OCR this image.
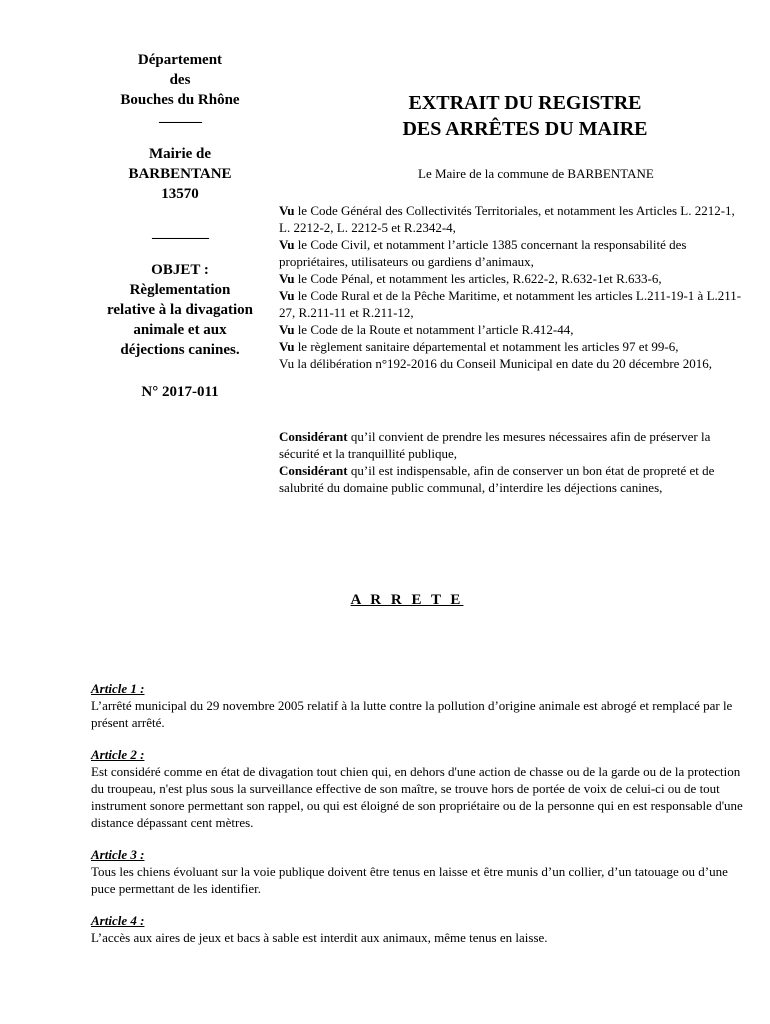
Département
des
Bouches du Rhône
———
Mairie de
BARBENTANE
13570
————
OBJET :
Règlementation
relative à la divagation
animale et aux
déjections canines.
N° 2017-011
EXTRAIT DU REGISTRE
DES ARRÊTES DU MAIRE
Le Maire de la commune de BARBENTANE

Vu le Code Général des Collectivités Territoriales, et notamment les Articles L. 2212-1, L. 2212-2, L. 2212-5 et R.2342-4,

Vu le Code Civil, et notamment l’article 1385 concernant la responsabilité des propriétaires, utilisateurs ou gardiens d’animaux,

Vu le Code Pénal, et notamment les articles, R.622-2, R.632-1et R.633-6,

Vu le Code Rural et de la Pêche Maritime, et notamment les articles L.211-19-1 à L.211-27, R.211-11 et R.211-12,

Vu le Code de la Route et notamment l’article R.412-44,

Vu le règlement sanitaire départemental et notamment les articles 97 et 99-6,

Vu la délibération n°192-2016 du Conseil Municipal en date du 20 décembre 2016,

Considérant qu’il convient de prendre les mesures nécessaires afin de préserver la sécurité et la tranquillité publique,

Considérant qu’il est indispensable, afin de conserver un bon état de propreté et de salubrité du domaine public communal, d’interdire les déjections canines,

A R R E T E

Article 1 :

L’arrêté municipal du 29 novembre 2005 relatif à la lutte contre la pollution d’origine animale est abrogé et remplacé par le présent arrêté.

Article 2 :

Est considéré comme en état de divagation tout chien qui, en dehors d'une action de chasse ou de la garde ou de la protection du troupeau, n'est plus sous la surveillance effective de son maître, se trouve hors de portée de voix de celui-ci ou de tout instrument sonore permettant son rappel, ou qui est éloigné de son propriétaire ou de la personne qui en est responsable d'une distance dépassant cent mètres.

Article 3 :

Tous les chiens évoluant sur la voie publique doivent être tenus en laisse et être munis d’un collier, d’un tatouage ou d’une puce permettant de les identifier.

Article 4 :

L’accès aux aires de jeux et bacs à sable est interdit aux animaux, même tenus en laisse.
